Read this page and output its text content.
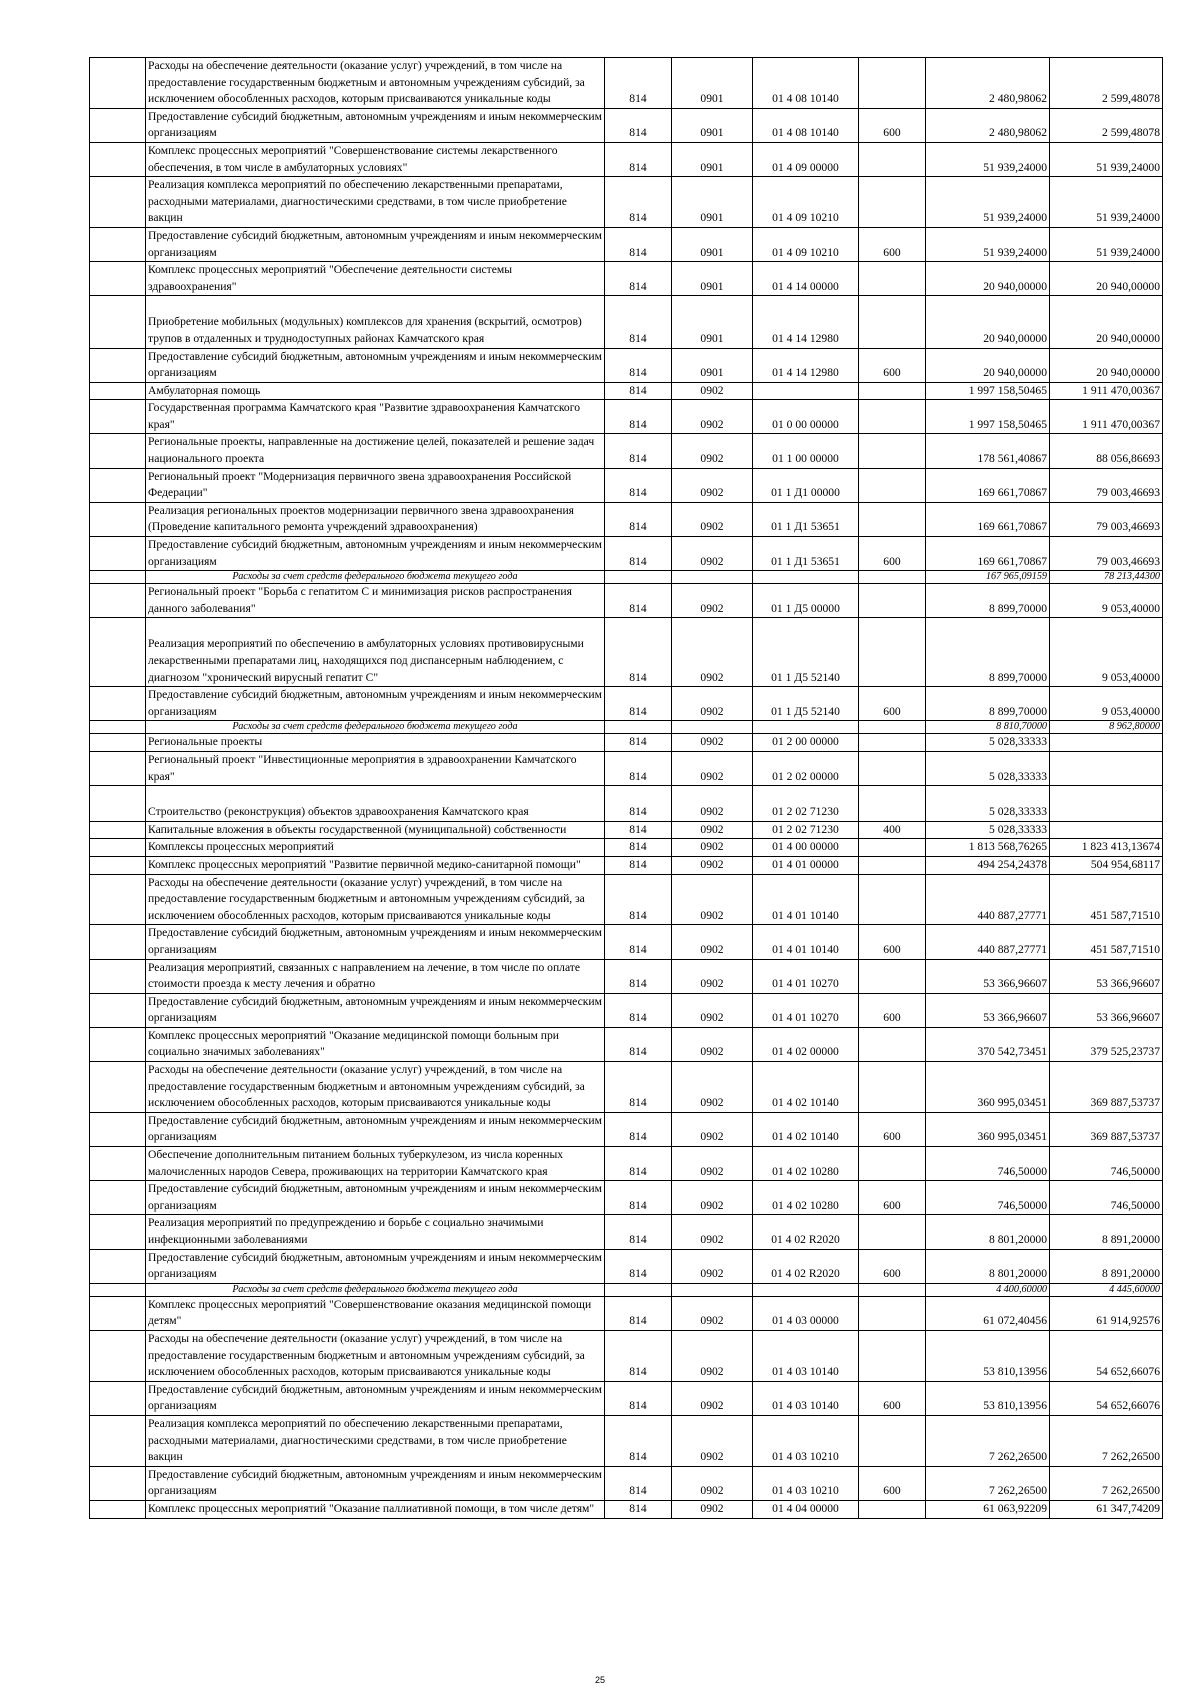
	Расходы на обеспечение деятельности (оказание услуг) учреждений, в том числе на предоставление государственным бюджетным и автономным учреждениям субсидий, за исключением обособленных расходов, которым присваиваются уникальные коды	814	0901	01 4 08 10140		2 480,98062	2 599,48078
	Предоставление субсидий бюджетным, автономным учреждениям и иным некоммерческим организациям	814	0901	01 4 08 10140	600	2 480,98062	2 599,48078
	Комплекс процессных мероприятий "Совершенствование системы лекарственного обеспечения, в том числе в амбулаторных условиях"	814	0901	01 4 09 00000		51 939,24000	51 939,24000
	Реализация комплекса мероприятий по обеспечению лекарственными препаратами, расходными материалами, диагностическими средствами, в том числе приобретение вакцин	814	0901	01 4 09 10210		51 939,24000	51 939,24000
	Предоставление субсидий бюджетным, автономным учреждениям и иным некоммерческим организациям	814	0901	01 4 09 10210	600	51 939,24000	51 939,24000
	Комплекс процессных мероприятий "Обеспечение деятельности системы здравоохранения"	814	0901	01 4 14 00000		20 940,00000	20 940,00000
	Приобретение мобильных (модульных) комплексов для хранения (вскрытий, осмотров) трупов в отдаленных и труднодоступных районах Камчатского края	814	0901	01 4 14 12980		20 940,00000	20 940,00000
	Предоставление субсидий бюджетным, автономным учреждениям и иным некоммерческим организациям	814	0901	01 4 14 12980	600	20 940,00000	20 940,00000
	Амбулаторная помощь	814	0902			1 997 158,50465	1 911 470,00367
	Государственная программа Камчатского края "Развитие здравоохранения Камчатского края"	814	0902	01 0 00 00000		1 997 158,50465	1 911 470,00367
	Региональные проекты, направленные на достижение целей, показателей и решение задач национального проекта	814	0902	01 1 00 00000		178 561,40867	88 056,86693
	Региональный проект "Модернизация первичного звена здравоохранения Российской Федерации"	814	0902	01 1 Д1 00000		169 661,70867	79 003,46693
	Реализация региональных проектов модернизации первичного звена здравоохранения (Проведение капитального ремонта учреждений здравоохранения)	814	0902	01 1 Д1 53651		169 661,70867	79 003,46693
	Предоставление субсидий бюджетным, автономным учреждениям и иным некоммерческим организациям	814	0902	01 1 Д1 53651	600	169 661,70867	79 003,46693
	Расходы за счет средств федерального бюджета текущего года					167 965,09159	78 213,44300
	Региональный проект "Борьба с гепатитом С и минимизация рисков распространения данного заболевания"	814	0902	01 1 Д5 00000		8 899,70000	9 053,40000
	Реализация мероприятий по обеспечению в амбулаторных условиях противовирусными лекарственными препаратами лиц, находящихся под диспансерным наблюдением, с диагнозом "хронический вирусный гепатит С"	814	0902	01 1 Д5 52140		8 899,70000	9 053,40000
	Предоставление субсидий бюджетным, автономным учреждениям и иным некоммерческим организациям	814	0902	01 1 Д5 52140	600	8 899,70000	9 053,40000
	Расходы за счет средств федерального бюджета текущего года					8 810,70000	8 962,80000
	Региональные проекты	814	0902	01 2 00 00000		5 028,33333	
	Региональный проект "Инвестиционные мероприятия в здравоохранении Камчатского края"	814	0902	01 2 02 00000		5 028,33333	
	Строительство (реконструкция) объектов здравоохранения Камчатского края	814	0902	01 2 02 71230		5 028,33333	
	Капитальные вложения в объекты государственной (муниципальной) собственности	814	0902	01 2 02 71230	400	5 028,33333	
	Комплексы процессных мероприятий	814	0902	01 4 00 00000		1 813 568,76265	1 823 413,13674
	Комплекс процессных мероприятий "Развитие первичной медико-санитарной помощи"	814	0902	01 4 01 00000		494 254,24378	504 954,68117
	Расходы на обеспечение деятельности (оказание услуг) учреждений, в том числе на предоставление государственным бюджетным и автономным учреждениям субсидий, за исключением обособленных расходов, которым присваиваются уникальные коды	814	0902	01 4 01 10140		440 887,27771	451 587,71510
	Предоставление субсидий бюджетным, автономным учреждениям и иным некоммерческим организациям	814	0902	01 4 01 10140	600	440 887,27771	451 587,71510
	Реализация мероприятий, связанных с направлением на лечение, в том числе по оплате стоимости проезда к месту лечения и обратно	814	0902	01 4 01 10270		53 366,96607	53 366,96607
	Предоставление субсидий бюджетным, автономным учреждениям и иным некоммерческим организациям	814	0902	01 4 01 10270	600	53 366,96607	53 366,96607
	Комплекс процессных мероприятий "Оказание медицинской помощи больным при социально значимых заболеваниях"	814	0902	01 4 02 00000		370 542,73451	379 525,23737
	Расходы на обеспечение деятельности (оказание услуг) учреждений, в том числе на предоставление государственным бюджетным и автономным учреждениям субсидий, за исключением обособленных расходов, которым присваиваются уникальные коды	814	0902	01 4 02 10140		360 995,03451	369 887,53737
	Предоставление субсидий бюджетным, автономным учреждениям и иным некоммерческим организациям	814	0902	01 4 02 10140	600	360 995,03451	369 887,53737
	Обеспечение дополнительным питанием больных туберкулезом, из числа коренных малочисленных народов Севера, проживающих на территории Камчатского края	814	0902	01 4 02 10280		746,50000	746,50000
	Предоставление субсидий бюджетным, автономным учреждениям и иным некоммерческим организациям	814	0902	01 4 02 10280	600	746,50000	746,50000
	Реализация мероприятий по предупреждению и борьбе с социально значимыми инфекционными заболеваниями	814	0902	01 4 02 R2020		8 801,20000	8 891,20000
	Предоставление субсидий бюджетным, автономным учреждениям и иным некоммерческим организациям	814	0902	01 4 02 R2020	600	8 801,20000	8 891,20000
	Расходы за счет средств федерального бюджета текущего года					4 400,60000	4 445,60000
	Комплекс процессных мероприятий "Совершенствование оказания медицинской помощи детям"	814	0902	01 4 03 00000		61 072,40456	61 914,92576
	Расходы на обеспечение деятельности (оказание услуг) учреждений, в том числе на предоставление государственным бюджетным и автономным учреждениям субсидий, за исключением обособленных расходов, которым присваиваются уникальные коды	814	0902	01 4 03 10140		53 810,13956	54 652,66076
	Предоставление субсидий бюджетным, автономным учреждениям и иным некоммерческим организациям	814	0902	01 4 03 10140	600	53 810,13956	54 652,66076
	Реализация комплекса мероприятий по обеспечению лекарственными препаратами, расходными материалами, диагностическими средствами, в том числе приобретение вакцин	814	0902	01 4 03 10210		7 262,26500	7 262,26500
	Предоставление субсидий бюджетным, автономным учреждениям и иным некоммерческим организациям	814	0902	01 4 03 10210	600	7 262,26500	7 262,26500
	Комплекс процессных мероприятий "Оказание паллиативной помощи, в том числе детям"	814	0902	01 4 04 00000		61 063,92209	61 347,74209
25
